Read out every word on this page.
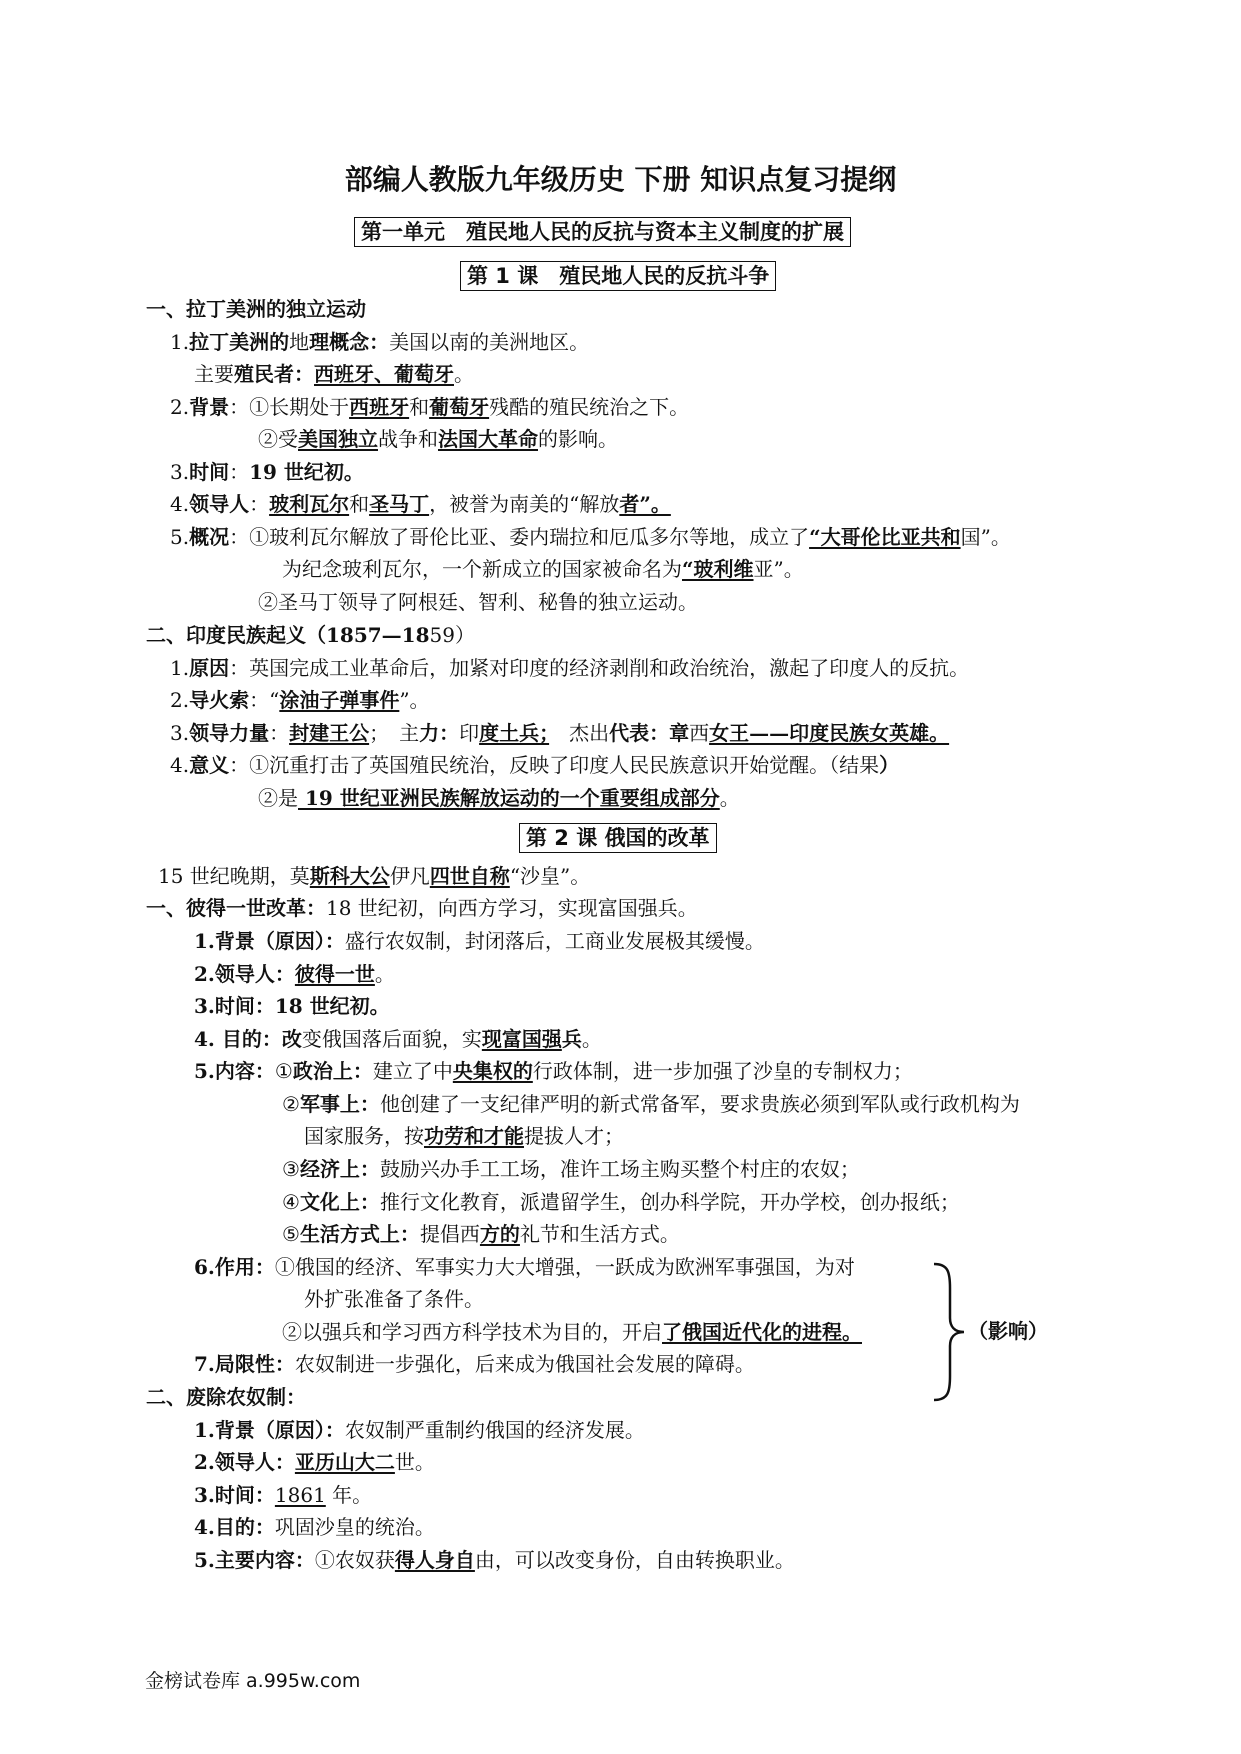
部编人教版九年级历史 下册 知识点复习提纲
第一单元　殖民地人民的反抗与资本主义制度的扩展
第 1 课　殖民地人民的反抗斗争
一、拉丁美洲的独立运动
1.拉丁美洲的地理概念：美国以南的美洲地区。
主要殖民者：西班牙、葡萄牙。
2.背景：①长期处于西班牙和葡萄牙残酷的殖民统治之下。
②受美国独立战争和法国大革命的影响。
3.时间：19 世纪初。
4.领导人：玻利瓦尔和圣马丁，被誉为南美的“解放者”。
5.概况：①玻利瓦尔解放了哥伦比亚、委内瑞拉和厄瓜多尔等地，成立了“大哥伦比亚共和国”。
为纪念玻利瓦尔，一个新成立的国家被命名为“玻利维亚”。
②圣马丁领导了阿根廷、智利、秘鲁的独立运动。
二、印度民族起义（1857—1859）
1.原因：英国完成工业革命后，加紧对印度的经济剥削和政治统治，激起了印度人的反抗。
2.导火索：“涂油子弹事件”。
3.领导力量：封建王公；　主力：印度土兵；　杰出代表：章西女王——印度民族女英雄。
4.意义：①沉重打击了英国殖民统治，反映了印度人民民族意识开始觉醒。（结果）
②是 19 世纪亚洲民族解放运动的一个重要组成部分。
第 2 课 俄国的改革
15 世纪晚期，莫斯科大公伊凡四世自称“沙皇”。
一、彼得一世改革：18 世纪初，向西方学习，实现富国强兵。
1.背景（原因）：盛行农奴制，封闭落后，工商业发展极其缓慢。
2.领导人：彼得一世。
3.时间：18 世纪初。
4. 目的：改变俄国落后面貌，实现富国强兵。
5.内容：①政治上：建立了中央集权的行政体制，进一步加强了沙皇的专制权力；
②军事上：他创建了一支纪律严明的新式常备军，要求贵族必须到军队或行政机构为
国家服务，按功劳和才能提拔人才；
③经济上：鼓励兴办手工工场，准许工场主购买整个村庄的农奴；
④文化上：推行文化教育，派遣留学生，创办科学院，开办学校，创办报纸；
⑤生活方式上：提倡西方的礼节和生活方式。
6.作用：①俄国的经济、军事实力大大增强，一跃成为欧洲军事强国，为对
外扩张准备了条件。
②以强兵和学习西方科学技术为目的，开启了俄国近代化的进程。
7.局限性：农奴制进一步强化，后来成为俄国社会发展的障碍。
（影响）
二、废除农奴制：
1.背景（原因）：农奴制严重制约俄国的经济发展。
2.领导人：亚历山大二世。
3.时间：1861 年。
4.目的：巩固沙皇的统治。
5.主要内容：①农奴获得人身自由，可以改变身份，自由转换职业。
金榜试卷库 a.995w.com
